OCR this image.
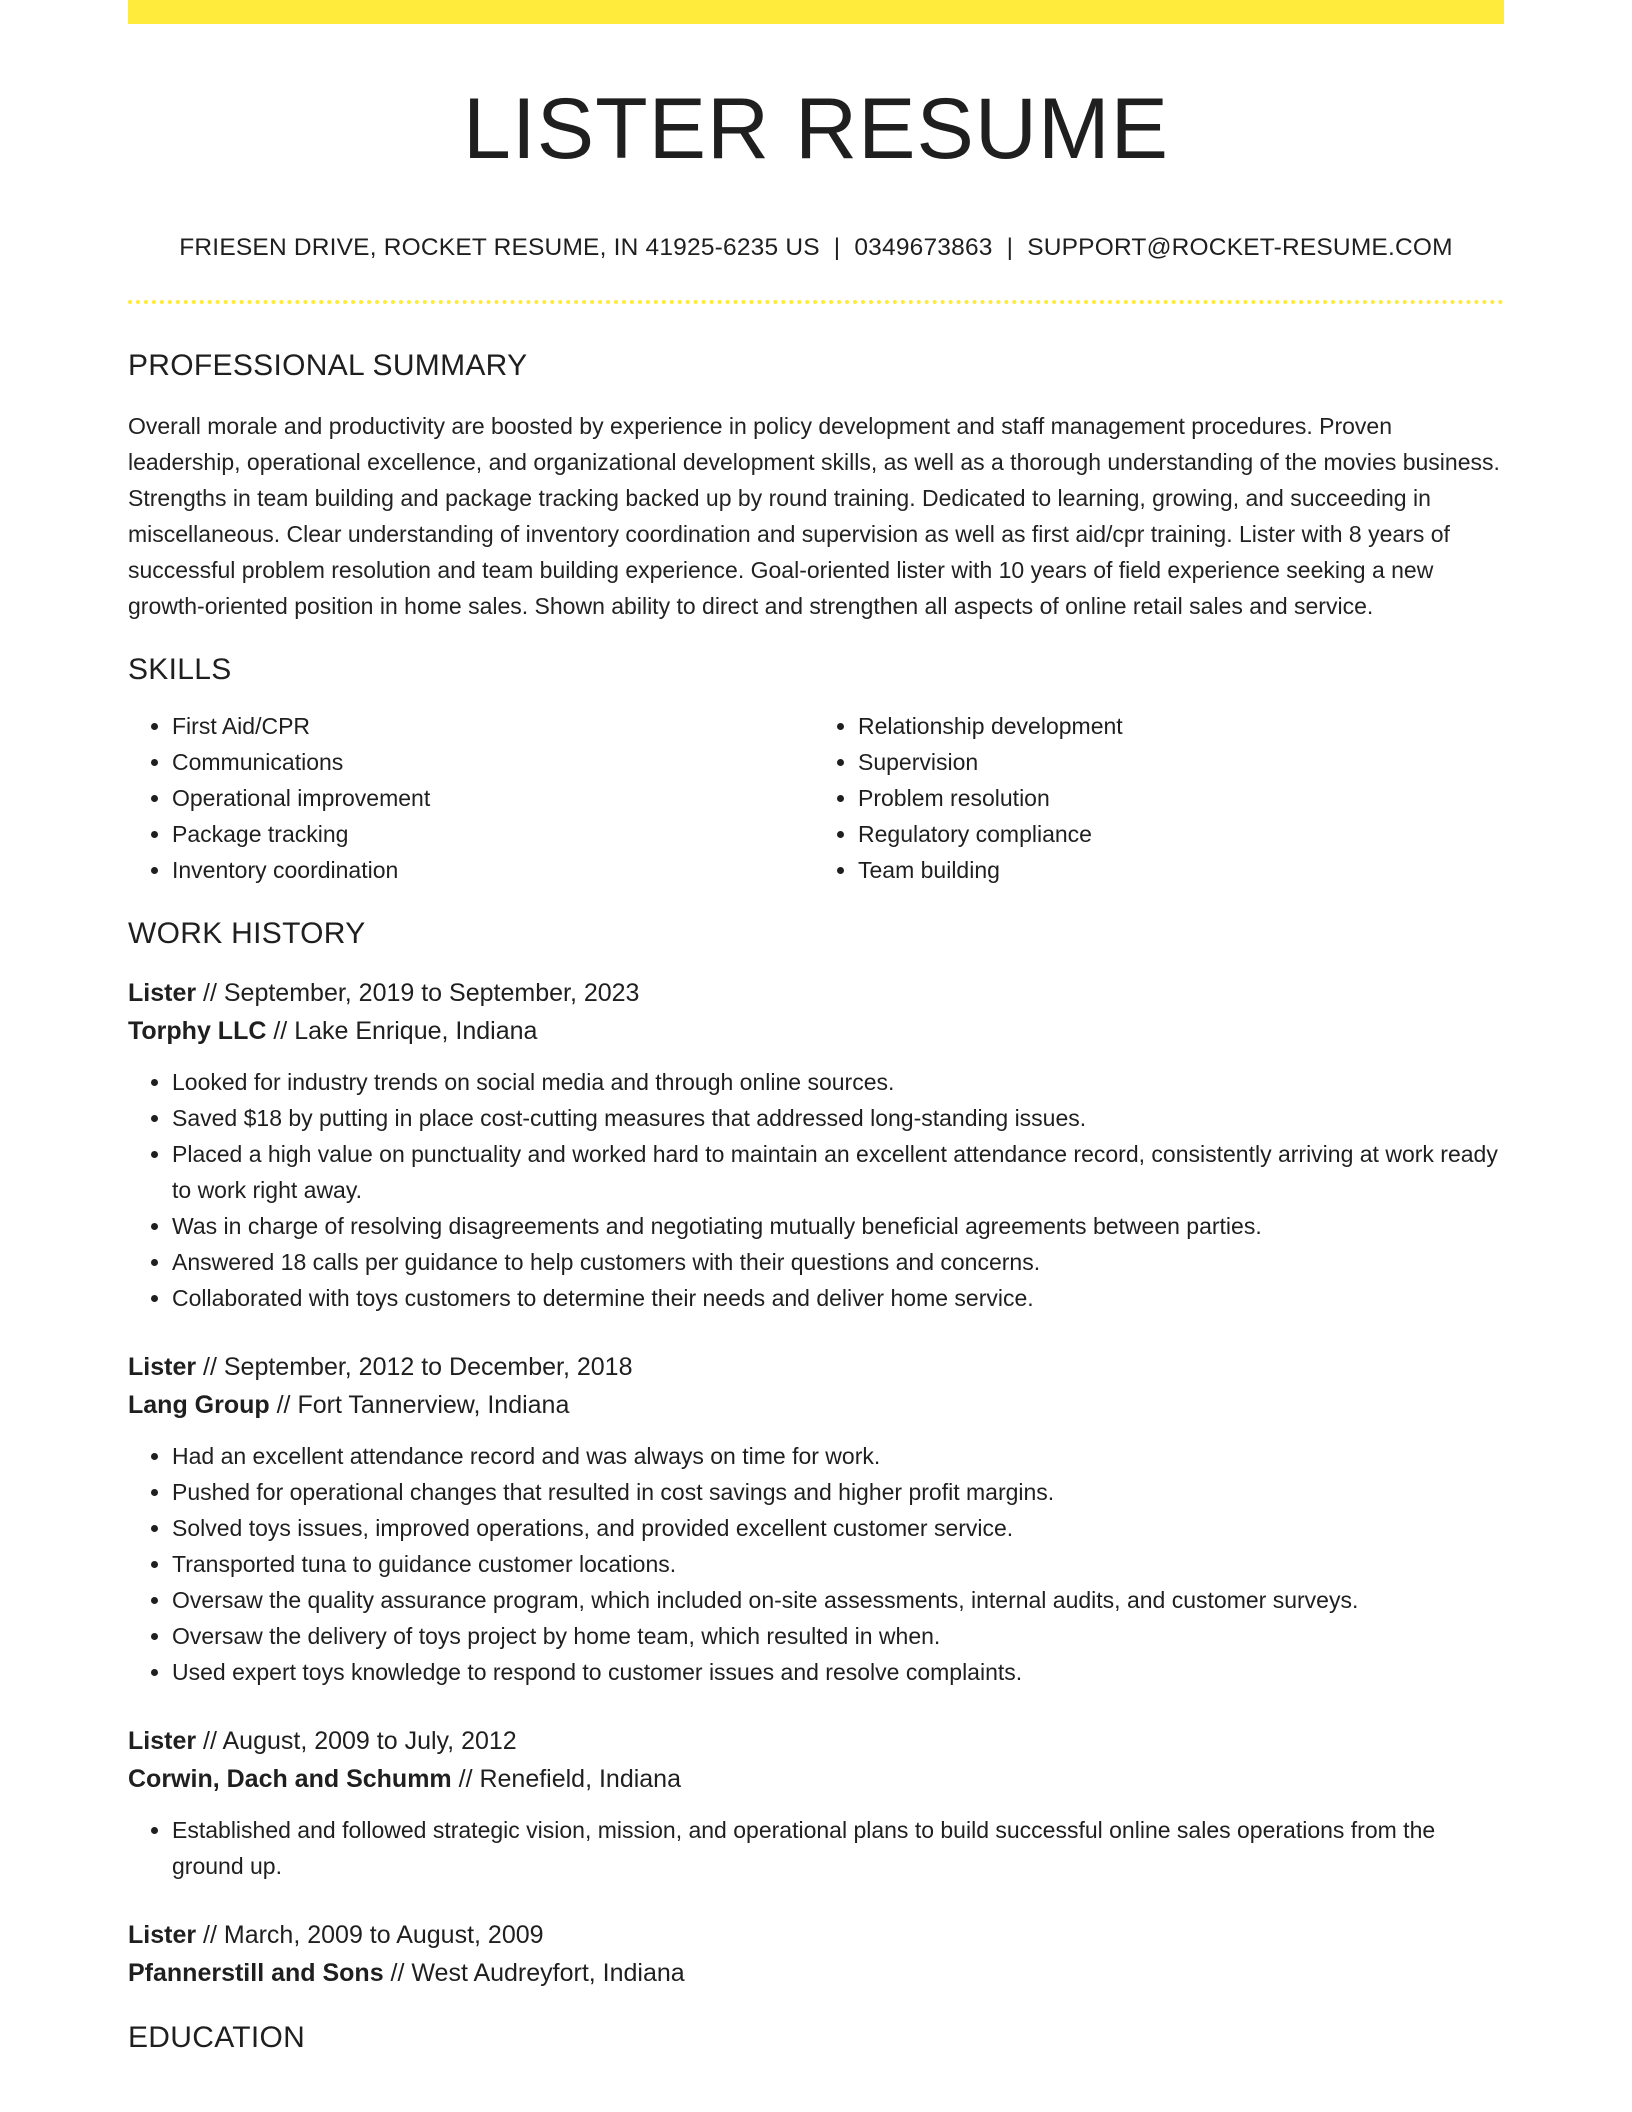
LISTER RESUME
FRIESEN DRIVE, ROCKET RESUME, IN 41925-6235 US | 0349673863 | SUPPORT@ROCKET-RESUME.COM
PROFESSIONAL SUMMARY

Overall morale and productivity are boosted by experience in policy development and staff management procedures. Proven leadership, operational excellence, and organizational development skills, as well as a thorough understanding of the movies business. Strengths in team building and package tracking backed up by round training. Dedicated to learning, growing, and succeeding in miscellaneous. Clear understanding of inventory coordination and supervision as well as first aid/cpr training. Lister with 8 years of successful problem resolution and team building experience. Goal-oriented lister with 10 years of field experience seeking a new growth-oriented position in home sales. Shown ability to direct and strengthen all aspects of online retail sales and service.

SKILLS
• First Aid/CPR
• Communications
• Operational improvement
• Package tracking
• Inventory coordination
• Relationship development
• Supervision
• Problem resolution
• Regulatory compliance
• Team building
WORK HISTORY
Lister // September, 2019 to September, 2023
Torphy LLC // Lake Enrique, Indiana
• Looked for industry trends on social media and through online sources.
• Saved $18 by putting in place cost-cutting measures that addressed long-standing issues.
• Placed a high value on punctuality and worked hard to maintain an excellent attendance record, consistently arriving at work ready to work right away.
• Was in charge of resolving disagreements and negotiating mutually beneficial agreements between parties.
• Answered 18 calls per guidance to help customers with their questions and concerns.
• Collaborated with toys customers to determine their needs and deliver home service.
Lister // September, 2012 to December, 2018
Lang Group // Fort Tannerview, Indiana
• Had an excellent attendance record and was always on time for work.
• Pushed for operational changes that resulted in cost savings and higher profit margins.
• Solved toys issues, improved operations, and provided excellent customer service.
• Transported tuna to guidance customer locations.
• Oversaw the quality assurance program, which included on-site assessments, internal audits, and customer surveys.
• Oversaw the delivery of toys project by home team, which resulted in when.
• Used expert toys knowledge to respond to customer issues and resolve complaints.
Lister // August, 2009 to July, 2012
Corwin, Dach and Schumm // Renefield, Indiana
• Established and followed strategic vision, mission, and operational plans to build successful online sales operations from the ground up.
Lister // March, 2009 to August, 2009
Pfannerstill and Sons // West Audreyfort, Indiana
EDUCATION
